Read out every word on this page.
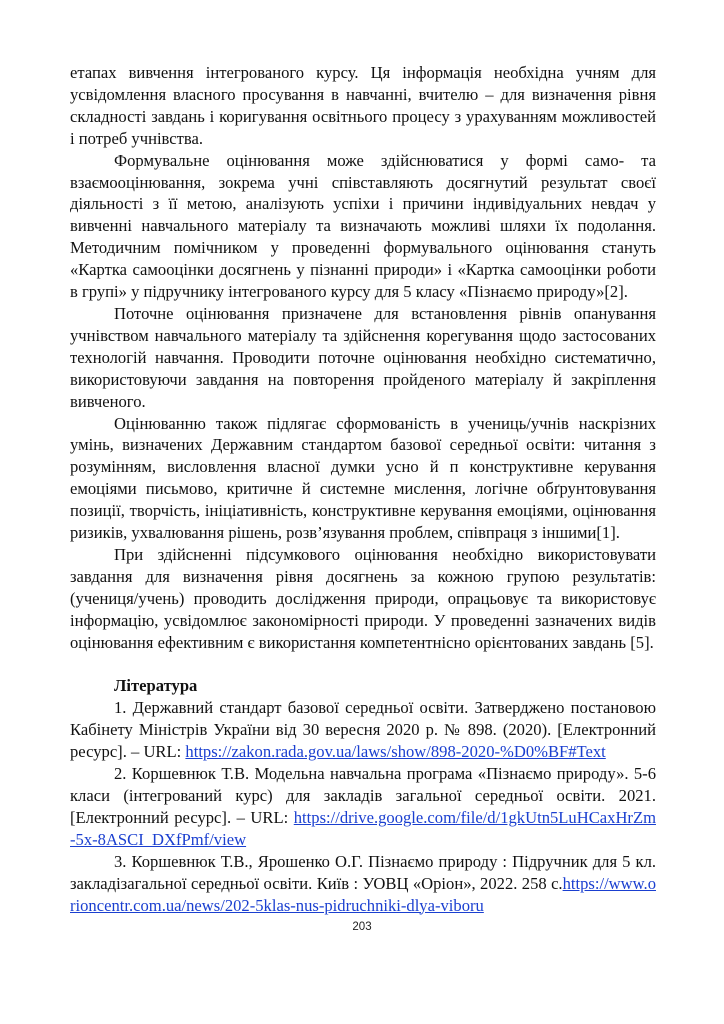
етапах вивчення інтегрованого курсу. Ця інформація необхідна учням для усвідомлення власного просування в навчанні, вчителю – для визначення рівня складності завдань і коригування освітнього процесу з урахуванням можливостей і потреб учнівства.

Формувальне оцінювання може здійснюватися у формі само- та взаємооцінювання, зокрема учні співставляють досягнутий результат своєї діяльності з її метою, аналізують успіхи і причини індивідуальних невдач у вивченні навчального матеріалу та визначають можливі шляхи їх подолання. Методичним помічником у проведенні формувального оцінювання стануть «Картка самооцінки досягнень у пізнанні природи» і «Картка самооцінки роботи в групі» у підручнику інтегрованого курсу для 5 класу «Пізнаємо природу»[2].

Поточне оцінювання призначене для встановлення рівнів опанування учнівством навчального матеріалу та здійснення корегування щодо застосованих технологій навчання. Проводити поточне оцінювання необхідно систематично, використовуючи завдання на повторення пройденого матеріалу й закріплення вивченого.

Оцінюванню також підлягає сформованість в учениць/учнів наскрізних умінь, визначених Державним стандартом базової середньої освіти: читання з розумінням, висловлення власної думки усно й п конструктивне керування емоціями письмово, критичне й системне мислення, логічне обґрунтовування позиції, творчість, ініціативність, конструктивне керування емоціями, оцінювання ризиків, ухвалювання рішень, розв’язування проблем, співпраця з іншими[1].

При здійсненні підсумкового оцінювання необхідно використовувати завдання для визначення рівня досягнень за кожною групою результатів: (учениця/учень) проводить дослідження природи, опрацьовує та використовує інформацію, усвідомлює закономірності природи. У проведенні зазначених видів оцінювання ефективним є використання компетентнісно орієнтованих завдань [5].

Література

1. Державний стандарт базової середньої освіти. Затверджено постановою Кабінету Міністрів України від 30 вересня 2020 р. № 898. (2020). [Електронний ресурс]. – URL: https://zakon.rada.gov.ua/laws/show/898-2020-%D0%BF#Text

2. Коршевнюк Т.В. Модельна навчальна програма «Пізнаємо природу». 5-6 класи (інтегрований курс) для закладів загальної середньої освіти. 2021. [Електронний ресурс]. – URL: https://drive.google.com/file/d/1gkUtn5LuHCaxHrZm-5x-8ASCI_DXfPmf/view

3. Коршевнюк Т.В., Ярошенко О.Г. Пізнаємо природу : Підручник для 5 кл. закладізагальної середньої освіти. Київ : УОВЦ «Оріон», 2022. 258 с.https://www.orioncentr.com.ua/news/202-5klas-nus-pidruchniki-dlya-viboru

203
